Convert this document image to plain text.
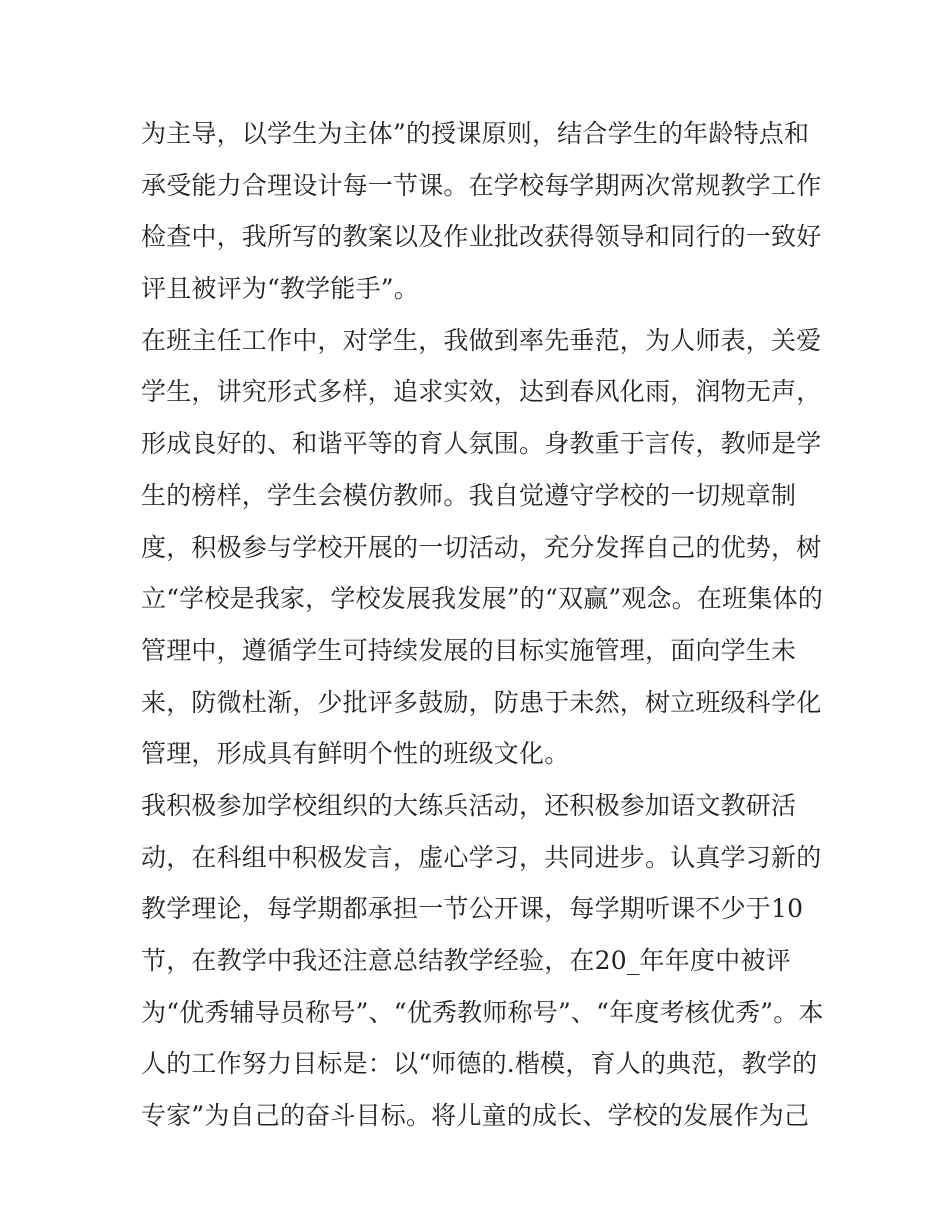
为主导，以学生为主体”的授课原则，结合学生的年龄特点和
承受能力合理设计每一节课。在学校每学期两次常规教学工作
检查中，我所写的教案以及作业批改获得领导和同行的一致好
评且被评为“教学能手”。
在班主任工作中，对学生，我做到率先垂范，为人师表，关爱
学生，讲究形式多样，追求实效，达到春风化雨，润物无声，
形成良好的、和谐平等的育人氛围。身教重于言传，教师是学
生的榜样，学生会模仿教师。我自觉遵守学校的一切规章制
度，积极参与学校开展的一切活动，充分发挥自己的优势，树
立“学校是我家，学校发展我发展”的“双赢”观念。在班集体的
管理中，遵循学生可持续发展的目标实施管理，面向学生未
来，防微杜渐，少批评多鼓励，防患于未然，树立班级科学化
管理，形成具有鲜明个性的班级文化。
我积极参加学校组织的大练兵活动，还积极参加语文教研活
动，在科组中积极发言，虚心学习，共同进步。认真学习新的
教学理论，每学期都承担一节公开课，每学期听课不少于10
节，在教学中我还注意总结教学经验，在20_年年度中被评
为“优秀辅导员称号”、“优秀教师称号”、“年度考核优秀”。本
人的工作努力目标是：以“师德的.楷模，育人的典范，教学的
专家”为自己的奋斗目标。将儿童的成长、学校的发展作为己
